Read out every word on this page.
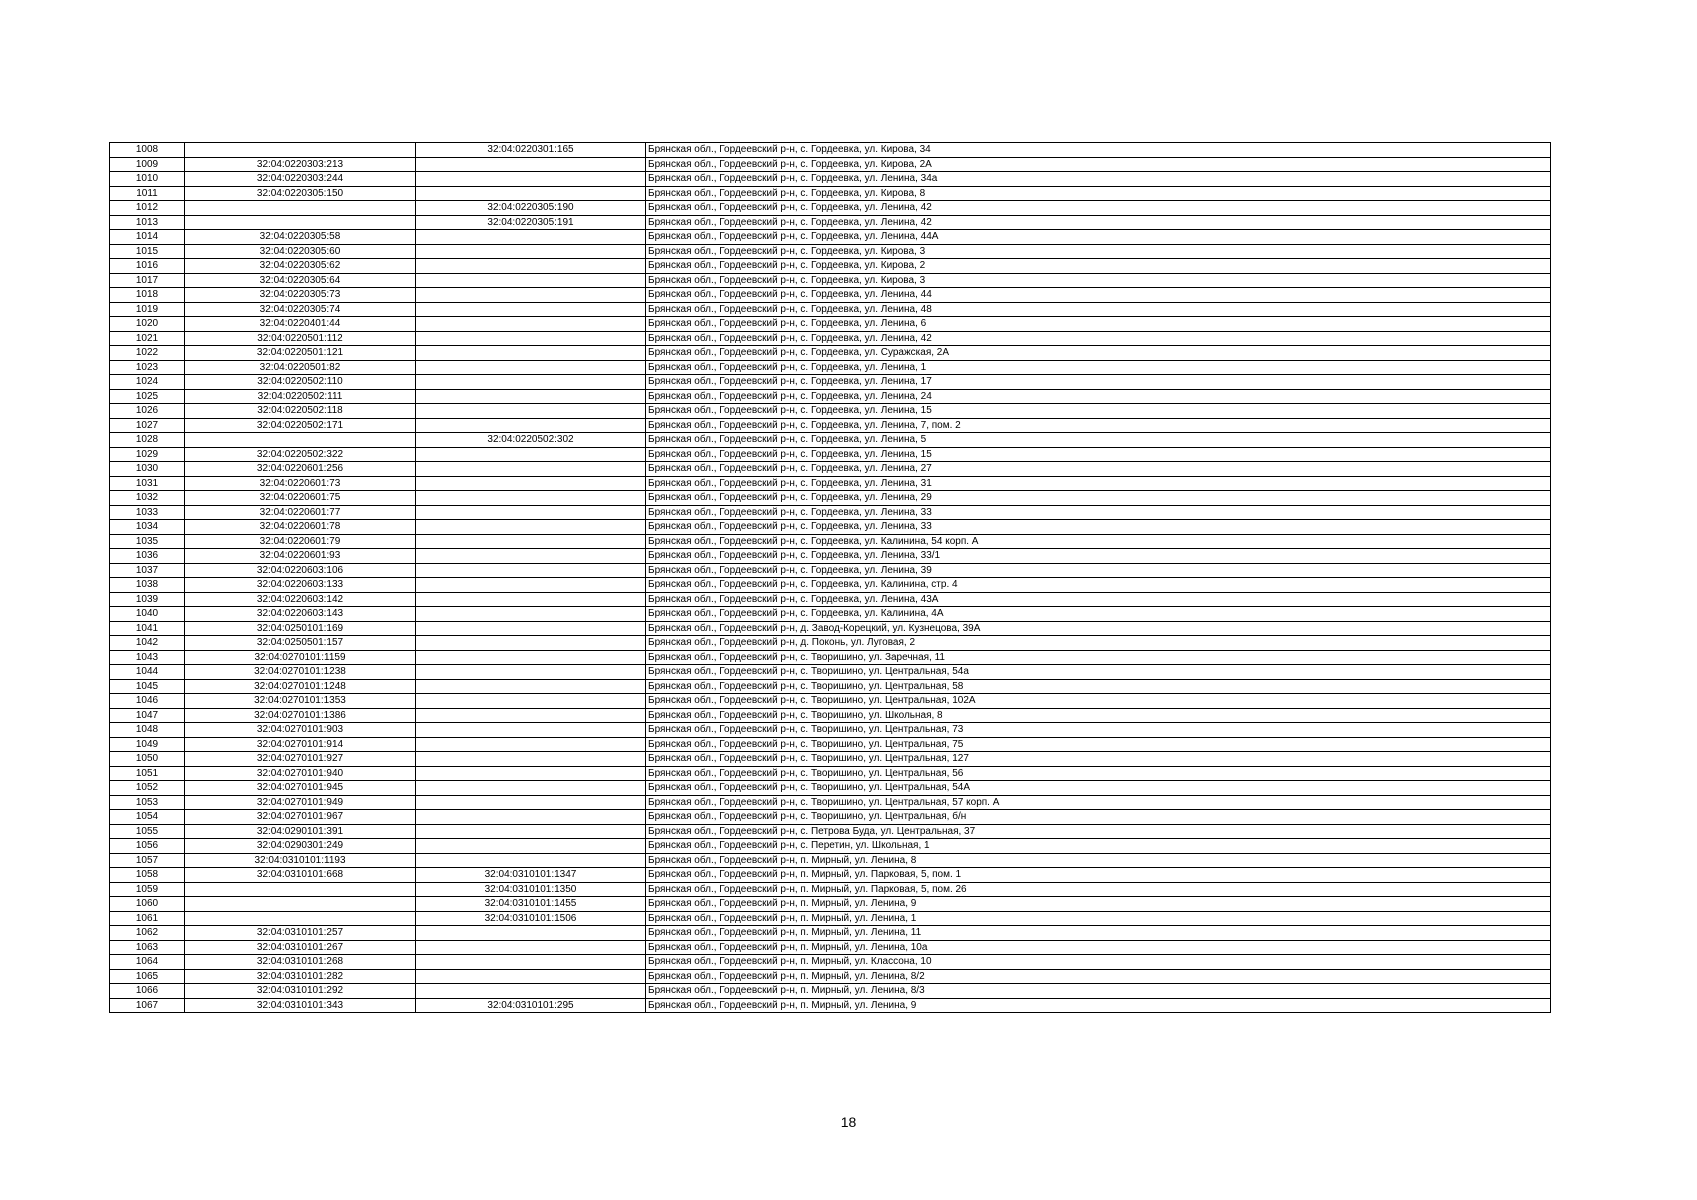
1008		32:04:0220301:165	Брянская обл., Гордеевский р-н, с. Гордеевка, ул. Кирова, 34
1009	32:04:0220303:213		Брянская обл., Гордеевский р-н, с. Гордеевка, ул. Кирова, 2А
1010	32:04:0220303:244		Брянская обл., Гордеевский р-н, с. Гордеевка, ул. Ленина, 34а
1011	32:04:0220305:150		Брянская обл., Гордеевский р-н, с. Гордеевка, ул. Кирова, 8
1012		32:04:0220305:190	Брянская обл., Гордеевский р-н, с. Гордеевка, ул. Ленина, 42
1013		32:04:0220305:191	Брянская обл., Гордеевский р-н, с. Гордеевка, ул. Ленина, 42
1014	32:04:0220305:58		Брянская обл., Гордеевский р-н, с. Гордеевка, ул. Ленина, 44А
1015	32:04:0220305:60		Брянская обл., Гордеевский р-н, с. Гордеевка, ул. Кирова, 3
1016	32:04:0220305:62		Брянская обл., Гордеевский р-н, с. Гордеевка, ул. Кирова, 2
1017	32:04:0220305:64		Брянская обл., Гордеевский р-н, с. Гордеевка, ул. Кирова, 3
1018	32:04:0220305:73		Брянская обл., Гордеевский р-н, с. Гордеевка, ул. Ленина, 44
1019	32:04:0220305:74		Брянская обл., Гордеевский р-н, с. Гордеевка, ул. Ленина, 48
1020	32:04:0220401:44		Брянская обл., Гордеевский р-н, с. Гордеевка, ул. Ленина, 6
1021	32:04:0220501:112		Брянская обл., Гордеевский р-н, с. Гордеевка, ул. Ленина, 42
1022	32:04:0220501:121		Брянская обл., Гордеевский р-н, с. Гордеевка, ул. Суражская, 2А
1023	32:04:0220501:82		Брянская обл., Гордеевский р-н, с. Гордеевка, ул. Ленина, 1
1024	32:04:0220502:110		Брянская обл., Гордеевский р-н, с. Гордеевка, ул. Ленина, 17
1025	32:04:0220502:111		Брянская обл., Гордеевский р-н, с. Гордеевка, ул. Ленина, 24
1026	32:04:0220502:118		Брянская обл., Гордеевский р-н, с. Гордеевка, ул. Ленина, 15
1027	32:04:0220502:171		Брянская обл., Гордеевский р-н, с. Гордеевка, ул. Ленина, 7, пом. 2
1028		32:04:0220502:302	Брянская обл., Гордеевский р-н, с. Гордеевка, ул. Ленина, 5
1029	32:04:0220502:322		Брянская обл., Гордеевский р-н, с. Гордеевка, ул. Ленина, 15
1030	32:04:0220601:256		Брянская обл., Гордеевский р-н, с. Гордеевка, ул. Ленина, 27
1031	32:04:0220601:73		Брянская обл., Гордеевский р-н, с. Гордеевка, ул. Ленина, 31
1032	32:04:0220601:75		Брянская обл., Гордеевский р-н, с. Гордеевка, ул. Ленина, 29
1033	32:04:0220601:77		Брянская обл., Гордеевский р-н, с. Гордеевка, ул. Ленина, 33
1034	32:04:0220601:78		Брянская обл., Гордеевский р-н, с. Гордеевка, ул. Ленина, 33
1035	32:04:0220601:79		Брянская обл., Гордеевский р-н, с. Гордеевка, ул. Калинина, 54 корп. А
1036	32:04:0220601:93		Брянская обл., Гордеевский р-н, с. Гордеевка, ул. Ленина, 33/1
1037	32:04:0220603:106		Брянская обл., Гордеевский р-н, с. Гордеевка, ул. Ленина, 39
1038	32:04:0220603:133		Брянская обл., Гордеевский р-н, с. Гордеевка, ул. Калинина, стр. 4
1039	32:04:0220603:142		Брянская обл., Гордеевский р-н, с. Гордеевка, ул. Ленина, 43А
1040	32:04:0220603:143		Брянская обл., Гордеевский р-н, с. Гордеевка, ул. Калинина, 4А
1041	32:04:0250101:169		Брянская обл., Гордеевский р-н, д. Завод-Корецкий, ул. Кузнецова, 39А
1042	32:04:0250501:157		Брянская обл., Гордеевский р-н, д. Поконь, ул. Луговая, 2
1043	32:04:0270101:1159		Брянская обл., Гордеевский р-н, с. Творишино, ул. Заречная, 11
1044	32:04:0270101:1238		Брянская обл., Гордеевский р-н, с. Творишино, ул. Центральная, 54а
1045	32:04:0270101:1248		Брянская обл., Гордеевский р-н, с. Творишино, ул. Центральная, 58
1046	32:04:0270101:1353		Брянская обл., Гордеевский р-н, с. Творишино, ул. Центральная, 102А
1047	32:04:0270101:1386		Брянская обл., Гордеевский р-н, с. Творишино, ул. Школьная, 8
1048	32:04:0270101:903		Брянская обл., Гордеевский р-н, с. Творишино, ул. Центральная, 73
1049	32:04:0270101:914		Брянская обл., Гордеевский р-н, с. Творишино, ул. Центральная, 75
1050	32:04:0270101:927		Брянская обл., Гордеевский р-н, с. Творишино, ул. Центральная, 127
1051	32:04:0270101:940		Брянская обл., Гордеевский р-н, с. Творишино, ул. Центральная, 56
1052	32:04:0270101:945		Брянская обл., Гордеевский р-н, с. Творишино, ул. Центральная, 54А
1053	32:04:0270101:949		Брянская обл., Гордеевский р-н, с. Творишино, ул. Центральная, 57 корп. А
1054	32:04:0270101:967		Брянская обл., Гордеевский р-н, с. Творишино, ул. Центральная, б/н
1055	32:04:0290101:391		Брянская обл., Гордеевский р-н, с. Петрова Буда, ул. Центральная, 37
1056	32:04:0290301:249		Брянская обл., Гордеевский р-н, с. Перетин, ул. Школьная, 1
1057	32:04:0310101:1193		Брянская обл., Гордеевский р-н, п. Мирный, ул. Ленина, 8
1058	32:04:0310101:668	32:04:0310101:1347	Брянская обл., Гордеевский р-н, п. Мирный, ул. Парковая, 5, пом. 1
1059		32:04:0310101:1350	Брянская обл., Гордеевский р-н, п. Мирный, ул. Парковая, 5, пом. 26
1060		32:04:0310101:1455	Брянская обл., Гордеевский р-н, п. Мирный, ул. Ленина, 9
1061		32:04:0310101:1506	Брянская обл., Гордеевский р-н, п. Мирный, ул. Ленина, 1
1062	32:04:0310101:257		Брянская обл., Гордеевский р-н, п. Мирный, ул. Ленина, 11
1063	32:04:0310101:267		Брянская обл., Гордеевский р-н, п. Мирный, ул. Ленина, 10а
1064	32:04:0310101:268		Брянская обл., Гордеевский р-н, п. Мирный, ул. Классона, 10
1065	32:04:0310101:282		Брянская обл., Гордеевский р-н, п. Мирный, ул. Ленина, 8/2
1066	32:04:0310101:292		Брянская обл., Гордеевский р-н, п. Мирный, ул. Ленина, 8/3
1067	32:04:0310101:343	32:04:0310101:295	Брянская обл., Гордеевский р-н, п. Мирный, ул. Ленина, 9
18
